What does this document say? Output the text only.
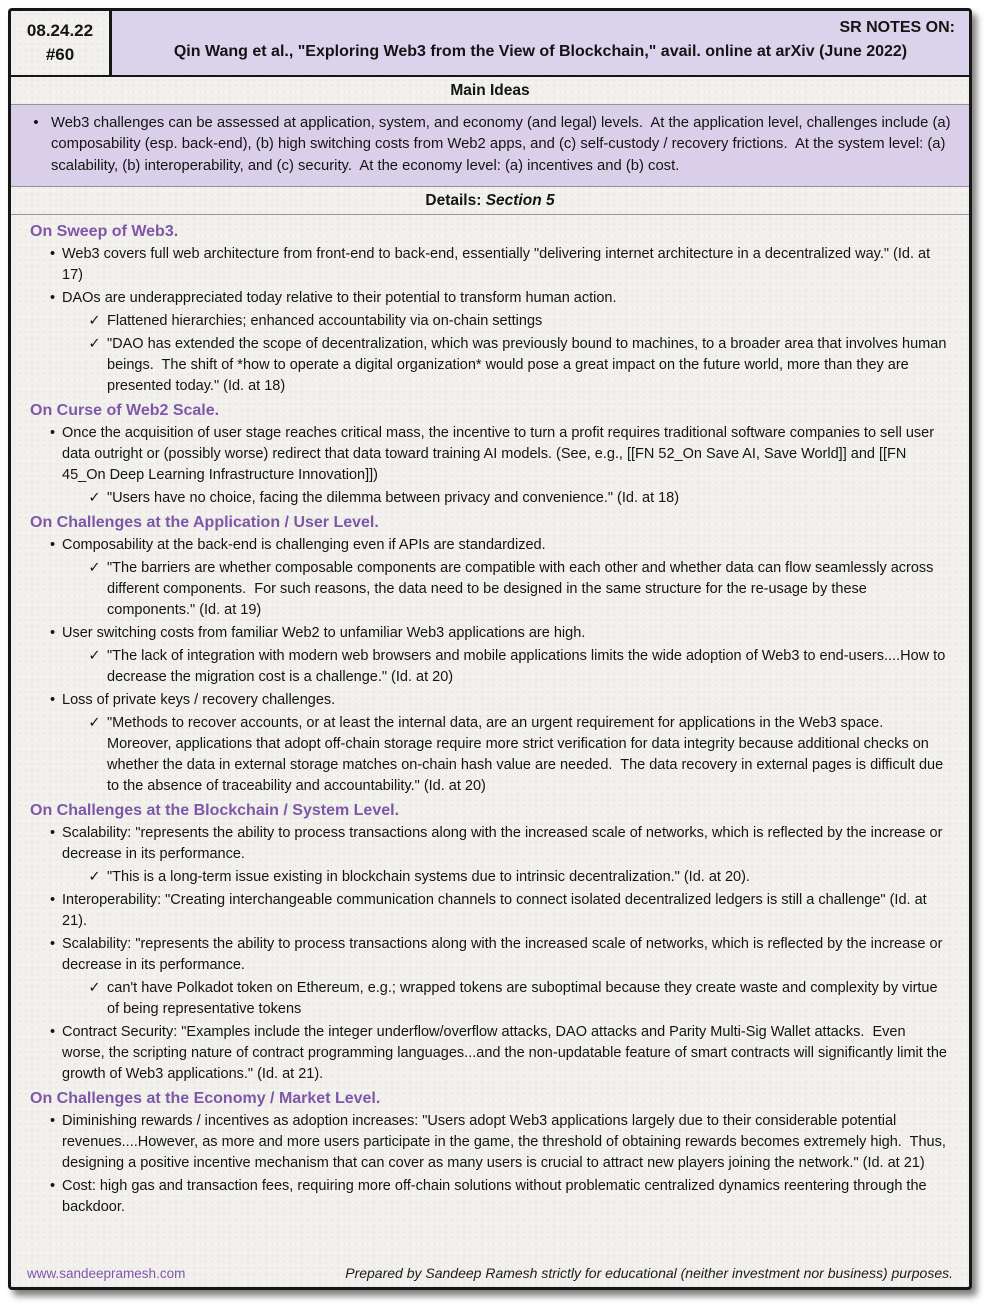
08.24.22
#60
SR NOTES ON:
Qin Wang et al., "Exploring Web3 from the View of Blockchain," avail. online at arXiv (June 2022)
Main Ideas
• Web3 challenges can be assessed at application, system, and economy (and legal) levels.  At the application level, challenges include (a) composability (esp. back-end), (b) high switching costs from Web2 apps, and (c) self-custody / recovery frictions.  At the system level: (a) scalability, (b) interoperability, and (c) security.  At the economy level: (a) incentives and (b) cost.
Details: Section 5
On Sweep of Web3.
• Web3 covers full web architecture from front-end to back-end, essentially "delivering internet architecture in a decentralized way." (Id. at 17)
• DAOs are underappreciated today relative to their potential to transform human action.
✓ Flattened hierarchies; enhanced accountability via on-chain settings
✓ "DAO has extended the scope of decentralization, which was previously bound to machines, to a broader area that involves human beings.  The shift of *how to operate a digital organization* would pose a great impact on the future world, more than they are presented today." (Id. at 18)
On Curse of Web2 Scale.
• Once the acquisition of user stage reaches critical mass, the incentive to turn a profit requires traditional software companies to sell user data outright or (possibly worse) redirect that data toward training AI models. (See, e.g., [[FN 52_On Save AI, Save World]] and [[FN 45_On Deep Learning Infrastructure Innovation]])
✓ "Users have no choice, facing the dilemma between privacy and convenience." (Id. at 18)
On Challenges at the Application / User Level.
• Composability at the back-end is challenging even if APIs are standardized.
✓ "The barriers are whether composable components are compatible with each other and whether data can flow seamlessly across different components.  For such reasons, the data need to be designed in the same structure for the re-usage by these components." (Id. at 19)
• User switching costs from familiar Web2 to unfamiliar Web3 applications are high.
✓ "The lack of integration with modern web browsers and mobile applications limits the wide adoption of Web3 to end-users....How to decrease the migration cost is a challenge." (Id. at 20)
• Loss of private keys / recovery challenges.
✓ "Methods to recover accounts, or at least the internal data, are an urgent requirement for applications in the Web3 space.  Moreover, applications that adopt off-chain storage require more strict verification for data integrity because additional checks on whether the data in external storage matches on-chain hash value are needed.  The data recovery in external pages is difficult due to the absence of traceability and accountability." (Id. at 20)
On Challenges at the Blockchain / System Level.
• Scalability: "represents the ability to process transactions along with the increased scale of networks, which is reflected by the increase or decrease in its performance.
✓ "This is a long-term issue existing in blockchain systems due to intrinsic decentralization." (Id. at 20).
• Interoperability: "Creating interchangeable communication channels to connect isolated decentralized ledgers is still a challenge" (Id. at 21).
• Scalability: "represents the ability to process transactions along with the increased scale of networks, which is reflected by the increase or decrease in its performance.
✓ can't have Polkadot token on Ethereum, e.g.; wrapped tokens are suboptimal because they create waste and complexity by virtue of being representative tokens
• Contract Security: "Examples include the integer underflow/overflow attacks, DAO attacks and Parity Multi-Sig Wallet attacks.  Even worse, the scripting nature of contract programming languages...and the non-updatable feature of smart contracts will significantly limit the growth of Web3 applications." (Id. at 21).
On Challenges at the Economy / Market Level.
• Diminishing rewards / incentives as adoption increases: "Users adopt Web3 applications largely due to their considerable potential revenues....However, as more and more users participate in the game, the threshold of obtaining rewards becomes extremely high.  Thus, designing a positive incentive mechanism that can cover as many users is crucial to attract new players joining the network." (Id. at 21)
• Cost: high gas and transaction fees, requiring more off-chain solutions without problematic centralized dynamics reentering through the backdoor.
www.sandeepramesh.com	Prepared by Sandeep Ramesh strictly for educational (neither investment nor business) purposes.
